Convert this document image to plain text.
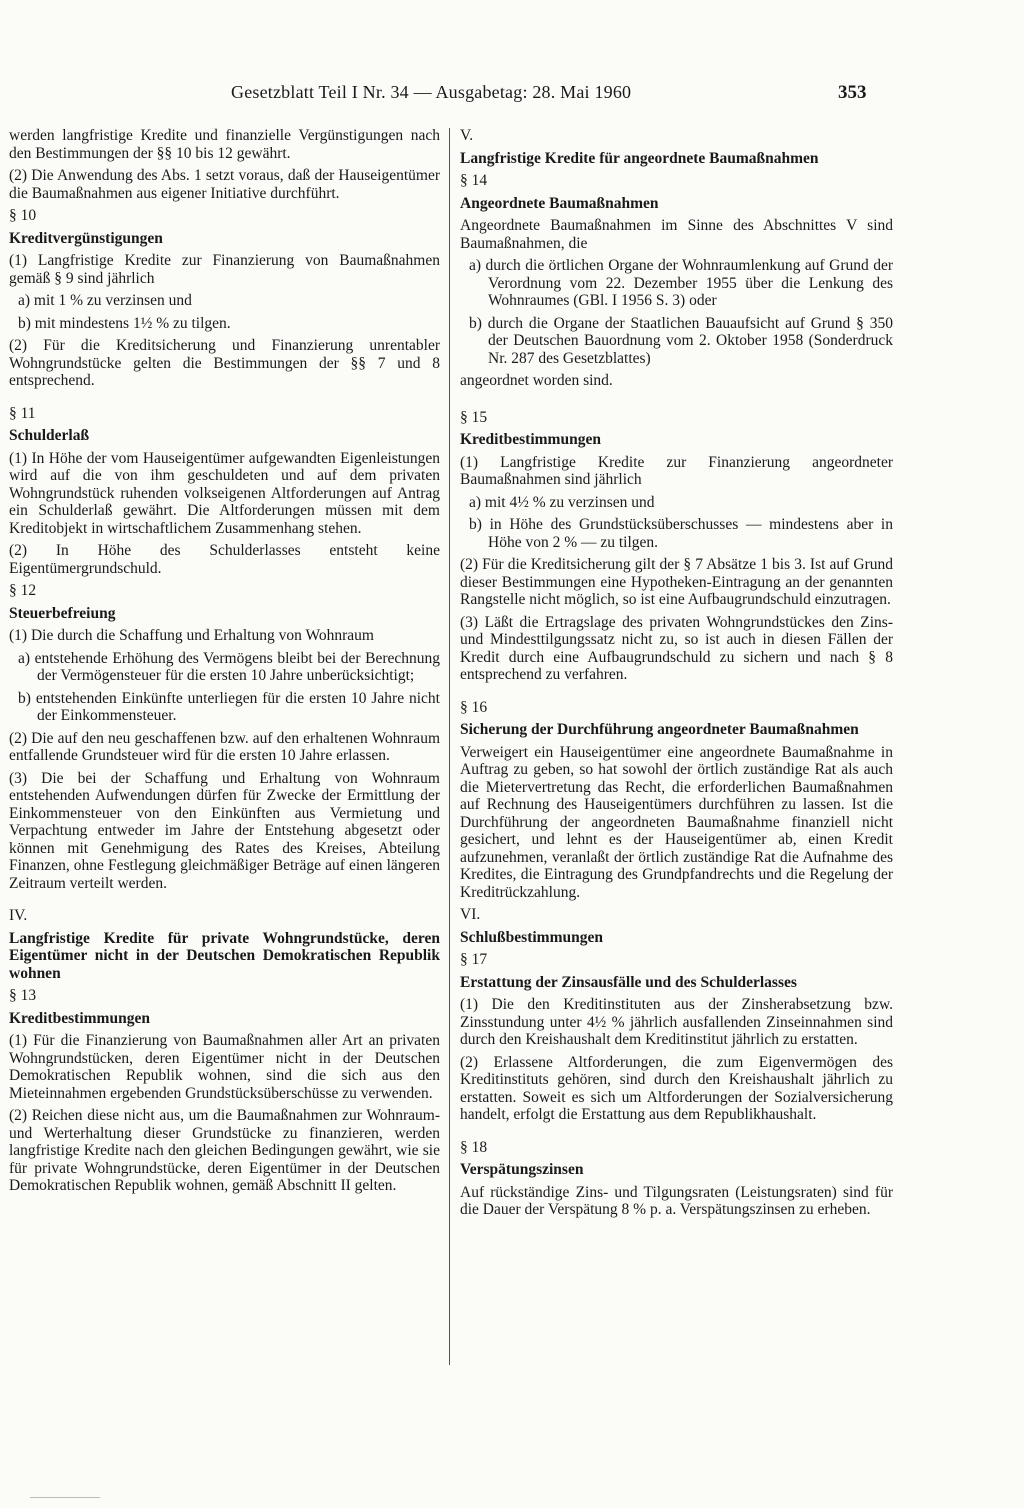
Gesetzblatt Teil I Nr. 34 — Ausgabetag: 28. Mai 1960	353

werden langfristige Kredite und finanzielle Vergünstigungen nach den Bestimmungen der §§ 10 bis 12 gewährt.

(2) Die Anwendung des Abs. 1 setzt voraus, daß der Hauseigentümer die Baumaßnahmen aus eigener Initiative durchführt.

§ 10

Kreditvergünstigungen

(1) Langfristige Kredite zur Finanzierung von Baumaßnahmen gemäß § 9 sind jährlich

a) mit 1 % zu verzinsen und

b) mit mindestens 1½ % zu tilgen.

(2) Für die Kreditsicherung und Finanzierung unrentabler Wohngrundstücke gelten die Bestimmungen der §§ 7 und 8 entsprechend.

§ 11

Schulderlaß

(1) In Höhe der vom Hauseigentümer aufgewandten Eigenleistungen wird auf die von ihm geschuldeten und auf dem privaten Wohngrundstück ruhenden volkseigenen Altforderungen auf Antrag ein Schulderlaß gewährt. Die Altforderungen müssen mit dem Kreditobjekt in wirtschaftlichem Zusammenhang stehen.

(2) In Höhe des Schulderlasses entsteht keine Eigentümergrundschuld.

§ 12

Steuerbefreiung

(1) Die durch die Schaffung und Erhaltung von Wohnraum

a) entstehende Erhöhung des Vermögens bleibt bei der Berechnung der Vermögensteuer für die ersten 10 Jahre unberücksichtigt;

b) entstehenden Einkünfte unterliegen für die ersten 10 Jahre nicht der Einkommensteuer.

(2) Die auf den neu geschaffenen bzw. auf den erhaltenen Wohnraum entfallende Grundsteuer wird für die ersten 10 Jahre erlassen.

(3) Die bei der Schaffung und Erhaltung von Wohnraum entstehenden Aufwendungen dürfen für Zwecke der Ermittlung der Einkommensteuer von den Einkünften aus Vermietung und Verpachtung entweder im Jahre der Entstehung abgesetzt oder können mit Genehmigung des Rates des Kreises, Abteilung Finanzen, ohne Festlegung gleichmäßiger Beträge auf einen längeren Zeitraum verteilt werden.

IV.

Langfristige Kredite für private Wohngrundstücke, deren Eigentümer nicht in der Deutschen Demokratischen Republik wohnen

§ 13

Kreditbestimmungen

(1) Für die Finanzierung von Baumaßnahmen aller Art an privaten Wohngrundstücken, deren Eigentümer nicht in der Deutschen Demokratischen Republik wohnen, sind die sich aus den Mieteinnahmen ergebenden Grundstücksüberschüsse zu verwenden.

(2) Reichen diese nicht aus, um die Baumaßnahmen zur Wohnraum- und Werterhaltung dieser Grundstücke zu finanzieren, werden langfristige Kredite nach den gleichen Bedingungen gewährt, wie sie für private Wohngrundstücke, deren Eigentümer in der Deutschen Demokratischen Republik wohnen, gemäß Abschnitt II gelten.

V.

Langfristige Kredite für angeordnete Baumaßnahmen

§ 14

Angeordnete Baumaßnahmen

Angeordnete Baumaßnahmen im Sinne des Abschnittes V sind Baumaßnahmen, die

a) durch die örtlichen Organe der Wohnraumlenkung auf Grund der Verordnung vom 22. Dezember 1955 über die Lenkung des Wohnraumes (GBl. I 1956 S. 3) oder

b) durch die Organe der Staatlichen Bauaufsicht auf Grund § 350 der Deutschen Bauordnung vom 2. Oktober 1958 (Sonderdruck Nr. 287 des Gesetzblattes)

angeordnet worden sind.

§ 15

Kreditbestimmungen

(1) Langfristige Kredite zur Finanzierung angeordneter Baumaßnahmen sind jährlich

a) mit 4½ % zu verzinsen und

b) in Höhe des Grundstücksüberschusses — mindestens aber in Höhe von 2 % — zu tilgen.

(2) Für die Kreditsicherung gilt der § 7 Absätze 1 bis 3. Ist auf Grund dieser Bestimmungen eine Hypotheken-Eintragung an der genannten Rangstelle nicht möglich, so ist eine Aufbaugrundschuld einzutragen.

(3) Läßt die Ertragslage des privaten Wohngrundstückes den Zins- und Mindesttilgungssatz nicht zu, so ist auch in diesen Fällen der Kredit durch eine Aufbaugrundschuld zu sichern und nach § 8 entsprechend zu verfahren.

§ 16

Sicherung der Durchführung angeordneter Baumaßnahmen

Verweigert ein Hauseigentümer eine angeordnete Baumaßnahme in Auftrag zu geben, so hat sowohl der örtlich zuständige Rat als auch die Mietervertretung das Recht, die erforderlichen Baumaßnahmen auf Rechnung des Hauseigentümers durchführen zu lassen. Ist die Durchführung der angeordneten Baumaßnahme finanziell nicht gesichert, und lehnt es der Hauseigentümer ab, einen Kredit aufzunehmen, veranlaßt der örtlich zuständige Rat die Aufnahme des Kredites, die Eintragung des Grundpfandrechts und die Regelung der Kreditrückzahlung.

VI.

Schlußbestimmungen

§ 17

Erstattung der Zinsausfälle und des Schulderlasses

(1) Die den Kreditinstituten aus der Zinsherabsetzung bzw. Zinsstundung unter 4½ % jährlich ausfallenden Zinseinnahmen sind durch den Kreishaushalt dem Kreditinstitut jährlich zu erstatten.

(2) Erlassene Altforderungen, die zum Eigenvermögen des Kreditinstituts gehören, sind durch den Kreishaushalt jährlich zu erstatten. Soweit es sich um Altforderungen der Sozialversicherung handelt, erfolgt die Erstattung aus dem Republikhaushalt.

§ 18

Verspätungszinsen

Auf rückständige Zins- und Tilgungsraten (Leistungsraten) sind für die Dauer der Verspätung 8 % p. a. Verspätungszinsen zu erheben.
